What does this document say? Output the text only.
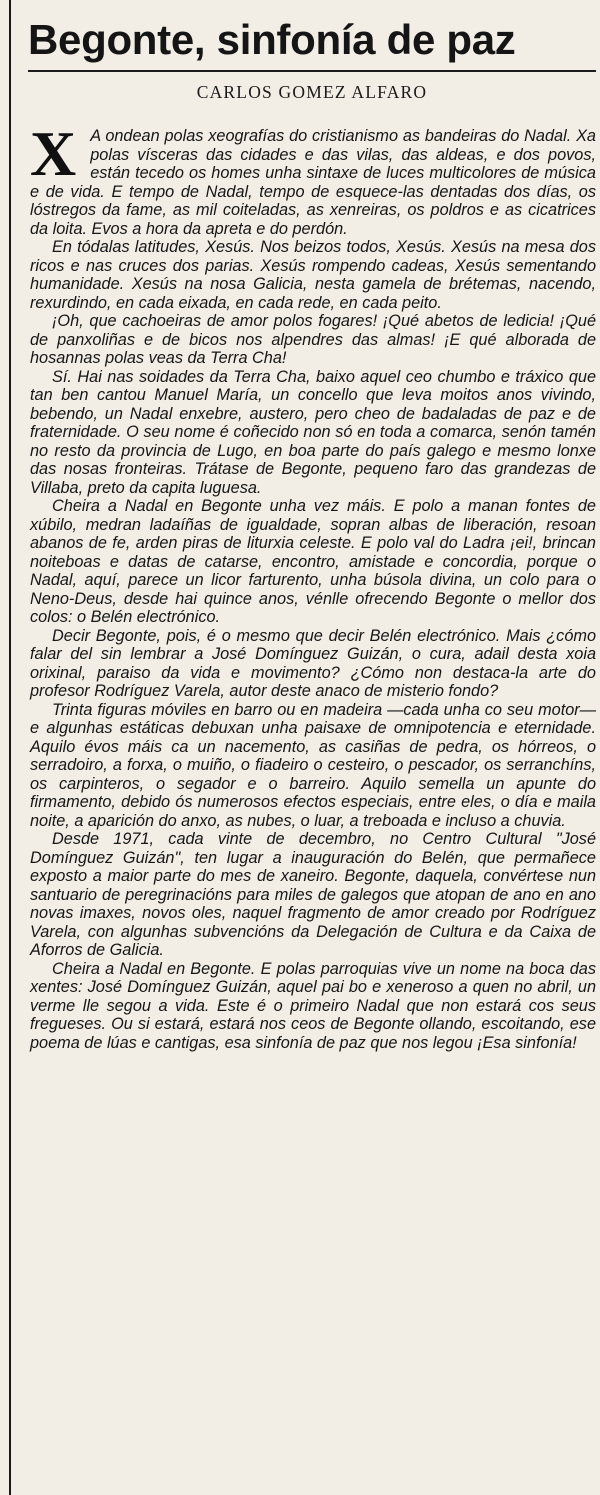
Begonte, sinfonía de paz
CARLOS GOMEZ ALFARO

X A ondean polas xeografías do cristianismo as bandeiras do Nadal. Xa polas vísceras das cidades e das vilas, das aldeas, e dos povos, están tecedo os homes unha sintaxe de luces multicolores de música e de vida. E tempo de Nadal, tempo de esquece-las dentadas dos días, os lóstregos da fame, as mil coiteladas, as xenreiras, os poldros e as cicatrices da loita. Evos a hora da apreta e do perdón.

En tódalas latitudes, Xesús. Nos beizos todos, Xesús. Xesús na mesa dos ricos e nas cruces dos parias. Xesús rompendo cadeas, Xesús sementando humanidade. Xesús na nosa Galicia, nesta gamela de brétemas, nacendo, rexurdindo, en cada eixada, en cada rede, en cada peito.

¡Oh, que cachoeiras de amor polos fogares! ¡Qué abetos de ledicia! ¡Qué de panxoliñas e de bicos nos alpendres das almas! ¡E qué alborada de hosannas polas veas da Terra Cha!

Sí. Hai nas soidades da Terra Cha, baixo aquel ceo chumbo e tráxico que tan ben cantou Manuel María, un concello que leva moitos anos vivindo, bebendo, un Nadal enxebre, austero, pero cheo de badaladas de paz e de fraternidade. O seu nome é coñecido non só en toda a comarca, senón tamén no resto da provincia de Lugo, en boa parte do país galego e mesmo lonxe das nosas fronteiras. Trátase de Begonte, pequeno faro das grandezas de Villaba, preto da capita luguesa.

Cheira a Nadal en Begonte unha vez máis. E polo a manan fontes de xúbilo, medran ladaíñas de igualdade, sopran albas de liberación, resoan abanos de fe, arden piras de liturxia celeste. E polo val do Ladra ¡ei!, brincan noiteboas e datas de catarse, encontro, amistade e concordia, porque o Nadal, aquí, parece un licor farturento, unha búsola divina, un colo para o Neno-Deus, desde hai quince anos, vénlle ofrecendo Begonte o mellor dos colos: o Belén electrónico.

Decir Begonte, pois, é o mesmo que decir Belén electrónico. Mais ¿cómo falar del sin lembrar a José Domínguez Guizán, o cura, adail desta xoia orixinal, paraiso da vida e movimento? ¿Cómo non destaca-la arte do profesor Rodríguez Varela, autor deste anaco de misterio fondo?

Trinta figuras móviles en barro ou en madeira —cada unha co seu motor— e algunhas estáticas debuxan unha paisaxe de omnipotencia e eternidade. Aquilo évos máis ca un nacemento, as casiñas de pedra, os hórreos, o serradoiro, a forxa, o muiño, o fiadeiro o cesteiro, o pescador, os serranchíns, os carpinteros, o segador e o barreiro. Aquilo semella un apunte do firmamento, debido ós numerosos efectos especiais, entre eles, o día e maila noite, a aparición do anxo, as nubes, o luar, a treboada e incluso a chuvia.

Desde 1971, cada vinte de decembro, no Centro Cultural "José Domínguez Guizán", ten lugar a inauguración do Belén, que permañece exposto a maior parte do mes de xaneiro. Begonte, daquela, convértese nun santuario de peregrinacións para miles de galegos que atopan de ano en ano novas imaxes, novos oles, naquel fragmento de amor creado por Rodríguez Varela, con algunhas subvencións da Delegación de Cultura e da Caixa de Aforros de Galicia.

Cheira a Nadal en Begonte. E polas parroquias vive un nome na boca das xentes: José Domínguez Guizán, aquel pai bo e xeneroso a quen no abril, un verme lle segou a vida. Este é o primeiro Nadal que non estará cos seus fregueses. Ou si estará, estará nos ceos de Begonte ollando, escoitando, ese poema de lúas e cantigas, esa sinfonía de paz que nos legou ¡Esa sinfonía!
